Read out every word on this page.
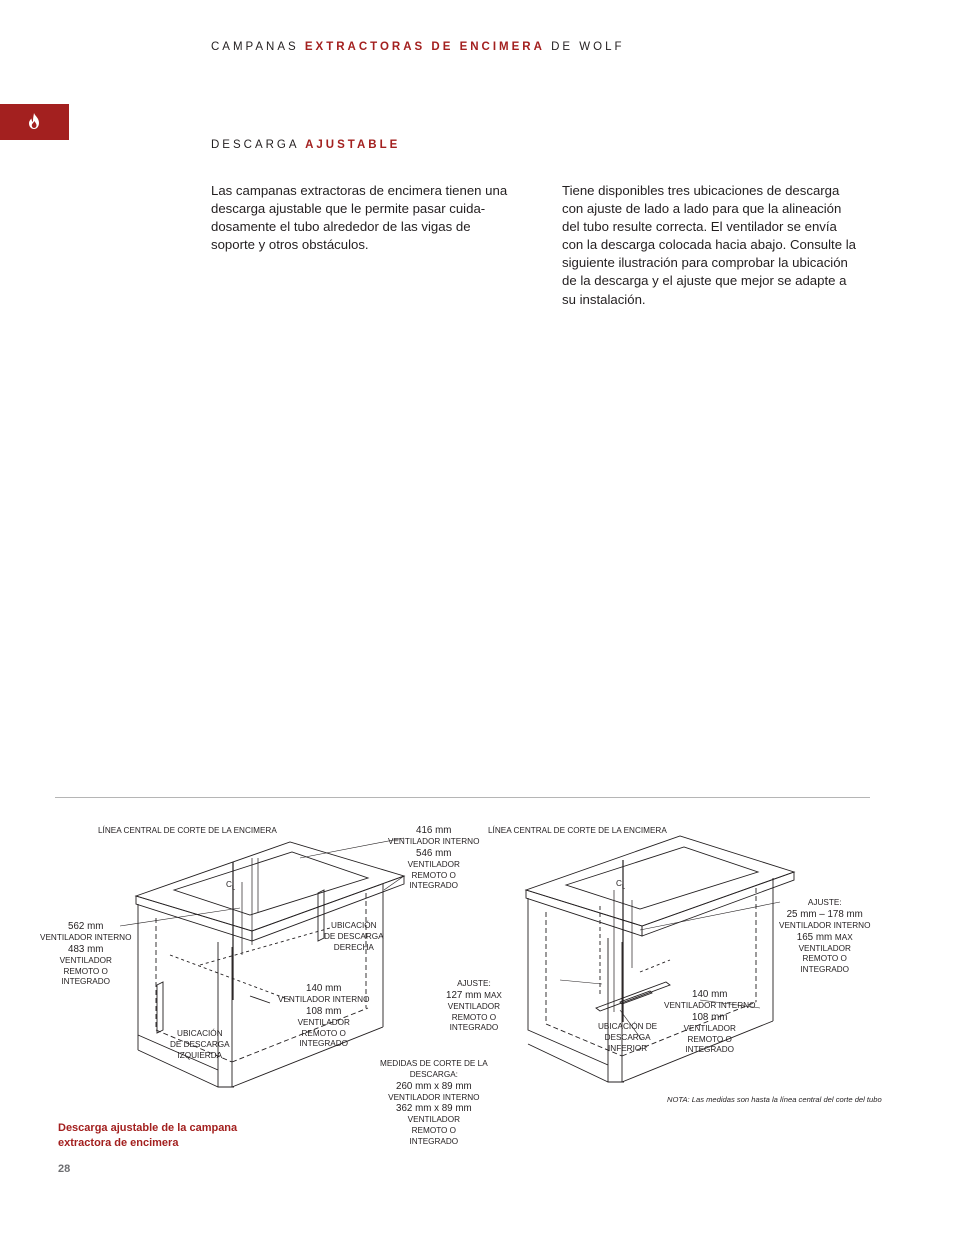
CAMPANAS EXTRACTORAS DE ENCIMERA DE WOLF
DESCARGA AJUSTABLE

Las campanas extractoras de encimera tienen una
descarga ajustable que le permite pasar cuida-
dosamente el tubo alrededor de las vigas de
soporte y otros obstáculos.

Tiene disponibles tres ubicaciones de descarga
con ajuste de lado a lado para que la alineación
del tubo resulte correcta. El ventilador se envía
con la descarga colocada hacia abajo. Consulte la
siguiente ilustración para comprobar la ubicación
de la descarga y el ajuste que mejor se adapte a
su instalación.

LÍNEA CENTRAL DE CORTE DE LA ENCIMERA
$C_L$
416 mm
VENTILADOR INTERNO
546 mm
VENTILADOR
REMOTO O
INTEGRADO
562 mm
VENTILADOR INTERNO
483 mm
VENTILADOR
REMOTO O
INTEGRADO
UBICACIÓN
DE DESCARGA
DERECHA
UBICACIÓN
DE DESCARGA
IZQUIERDA
140 mm
VENTILADOR INTERNO
108 mm
VENTILADOR
REMOTO O
INTEGRADO
MEDIDAS DE CORTE DE LA
DESCARGA:
260 mm x 89 mm
VENTILADOR INTERNO
362 mm x 89 mm
VENTILADOR
REMOTO O
INTEGRADO
LÍNEA CENTRAL DE CORTE DE LA ENCIMERA
$C_L$
AJUSTE:
25 mm – 178 mm
VENTILADOR INTERNO
165 mm MAX
VENTILADOR
REMOTO O
INTEGRADO
AJUSTE:
127 mm MAX
VENTILADOR
REMOTO O
INTEGRADO	UBICACIÓN DE
DESCARGA
INFERIOR
140 mm
VENTILADOR INTERNO
108 mm
VENTILADOR
REMOTO O
INTEGRADO
NOTA: Las medidas son hasta la línea central del corte del tubo

Descarga ajustable de la campana
extractora de encimera

28
